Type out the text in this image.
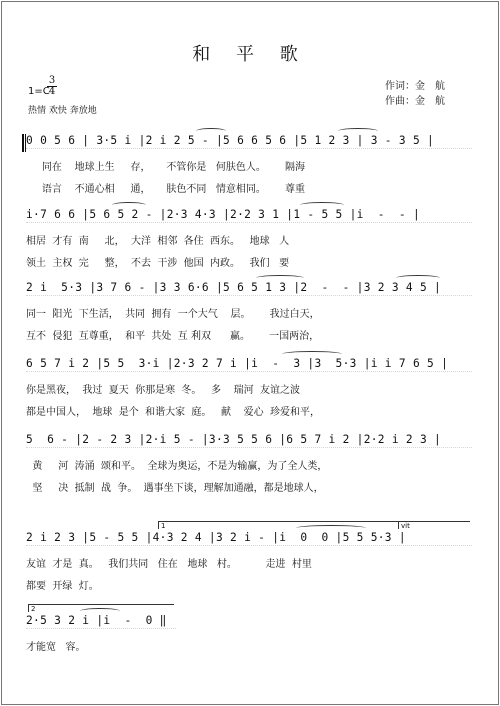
和 平 歌
作词：金　航
作曲：金　航
1=C
$\frac{3}{4}$
热情 欢快 奔放地
0 0 5 6 | 3·5 i |2 i 2 5 - |5 6 6 5 6 |5 1 2 3 | 3 - 3 5 |
同在    地球上生     存，     不管你是   何肤色人。      隔海
语言    不通心相     通，     肤色不同   情意相同。      尊重
i·7 6 6 |5 6 5 2 - |2·3 4·3 |2·2 3 1 |1 - 5 5 |i  -  - |
相居  才有  南     北，  大洋  相邻  各住  西东。   地球   人
领土  主权  完     整，  不去  干涉  他国  内政。   我们   要
2 i  5·3 |3 7 6 - |3 3 6·6 |5 6 5 1 3 |2  -  - |3 2 3 4 5 |
同一  阳光  下生活，  共同  拥有  一个大气    层。      我过白天，
互不  侵犯  互尊重，  和平  共处  互 利双      赢。      一国两治，
6 5 7 i 2 |5 5  3·i |2·3 2 7 i |i  -  3 |3  5·3 |i i 7 6 5 |
你是黑夜，  我过  夏天  你那是寒  冬。   多    瑞河  友谊之波
都是中国人，  地球  是个  和谐大家  庭。   献    爱心  珍爱和平，
5  6 - |2 - 2 3 |2·i 5 - |3·3 5 5 6 |6 5 7 i 2 |2·2 i 2 3 |
黄     河  涛涌  颂和平。  全球为奥运，不是为输赢，为了全人类，
坚     决  抵制  战  争。  遇事坐下谈，理解加通融，都是地球人，
1	vit
2 i 2 3 |5 - 5 5 |4·3 2 4 |3 2 i - |i  0  0 |5 5 5·3 |
友谊  才是  真。   我们共同   住在   地球   村。         走进  村里
都要  开绿  灯。
2
2·5 3 2 i |i  -  0 ‖
才能宽   容。
